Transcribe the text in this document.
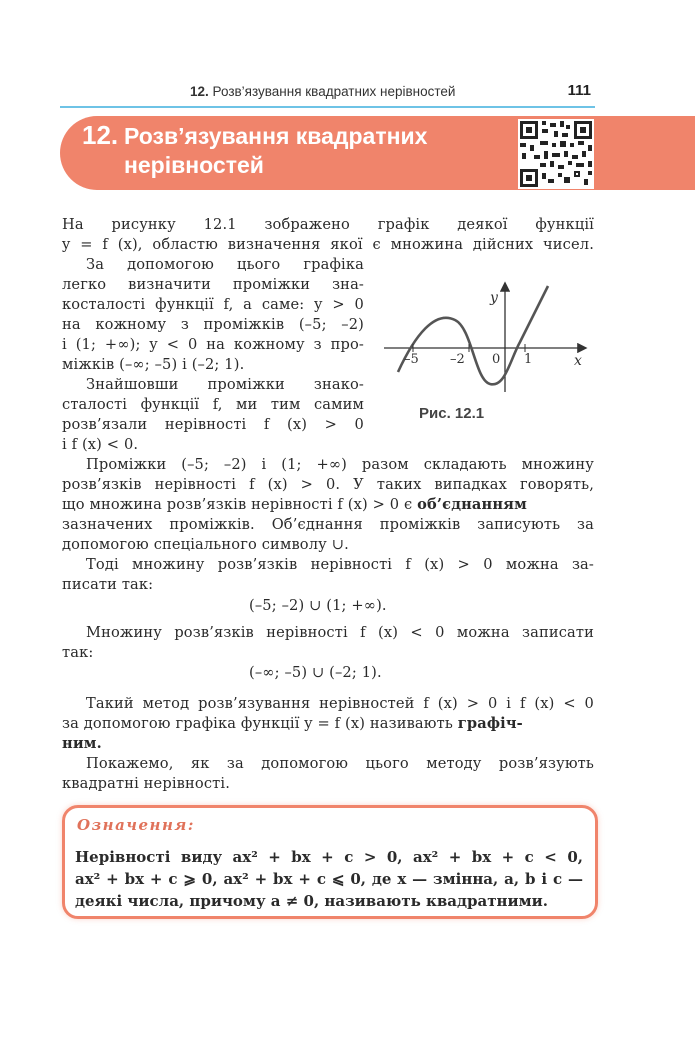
12. Розв’язування квадратних нерівностей	111
12. Розв’язування квадратних
нерівностей
На рисунку 12.1 зображено графік деякої функції
y = f (x), областю визначення якої є множина дійсних чисел.
За допомогою цього графіка
легко визначити проміжки зна-
косталості функції f, а саме: y > 0
на кожному з проміжків (–5; –2)
і (1; +∞); y < 0 на кожному з про-
міжків (–∞; –5) і (–2; 1).
Знайшовши проміжки знако-
сталості функції f, ми тим самим
розв’язали нерівності f (x) > 0
і f (x) < 0.
–5 –2 0 1	x
y
Рис. 12.1
Проміжки (–5; –2) і (1; +∞) разом складають множину
розв’язків нерівності f (x) > 0. У таких випадках говорять,
що множина розв’язків нерівності f (x) > 0 є об’єднанням
зазначених проміжків. Об’єднання проміжків записують за
допомогою спеціального символу ∪.
Тоді множину розв’язків нерівності f (x) > 0 можна за-
писати так:
(–5; –2) ∪ (1; +∞).
Множину розв’язків нерівності f (x) < 0 можна записати
так:
(–∞; –5) ∪ (–2; 1).
Такий метод розв’язування нерівностей f (x) > 0 і f (x) < 0
за допомогою графіка функції y = f (x) називають графіч-
ним.
Покажемо, як за допомогою цього методу розв’язують
квадратні нерівності.
Означення:
Нерівності виду ax² + bx + c > 0, ax² + bx + c < 0,
ax² + bx + c ⩾ 0, ax² + bx + c ⩽ 0, де x — змінна, a, b і c —
деякі числа, причому a ≠ 0, називають квадратними.
